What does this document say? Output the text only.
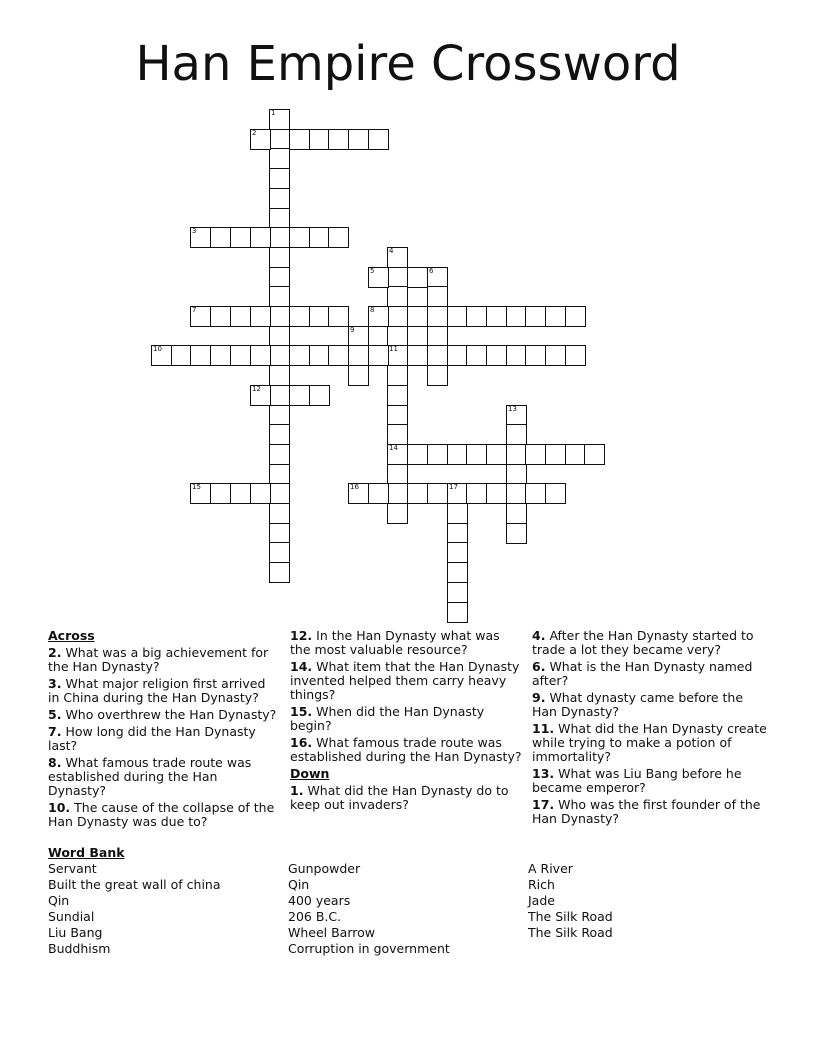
Han Empire Crossword
1
2
3
4
11
14
5	6
7	8
9
10
12
13
15	16	17
Across
2. What was a big achievement for the Han Dynasty?
3. What major religion first arrived in China during the Han Dynasty?
5. Who overthrew the Han Dynasty?
7. How long did the Han Dynasty last?
8. What famous trade route was established during the Han Dynasty?
10. The cause of the collapse of the Han Dynasty was due to?
12. In the Han Dynasty what was the most valuable resource?
14. What item that the Han Dynasty invented helped them carry heavy things?
15. When did the Han Dynasty begin?
16. What famous trade route was established during the Han Dynasty?
Down
1. What did the Han Dynasty do to keep out invaders?
4. After the Han Dynasty started to trade a lot they became very?
6. What is the Han Dynasty named after?
9. What dynasty came before the Han Dynasty?
11. What did the Han Dynasty create while trying to make a potion of immortality?
13. What was Liu Bang before he became emperor?
17. Who was the first founder of the Han Dynasty?
Word Bank
Servant
Built the great wall of china
Qin
Sundial
Liu Bang
Buddhism
Gunpowder
Qin
400 years
206 B.C.
Wheel Barrow
Corruption in government
A River
Rich
Jade
The Silk Road
The Silk Road
